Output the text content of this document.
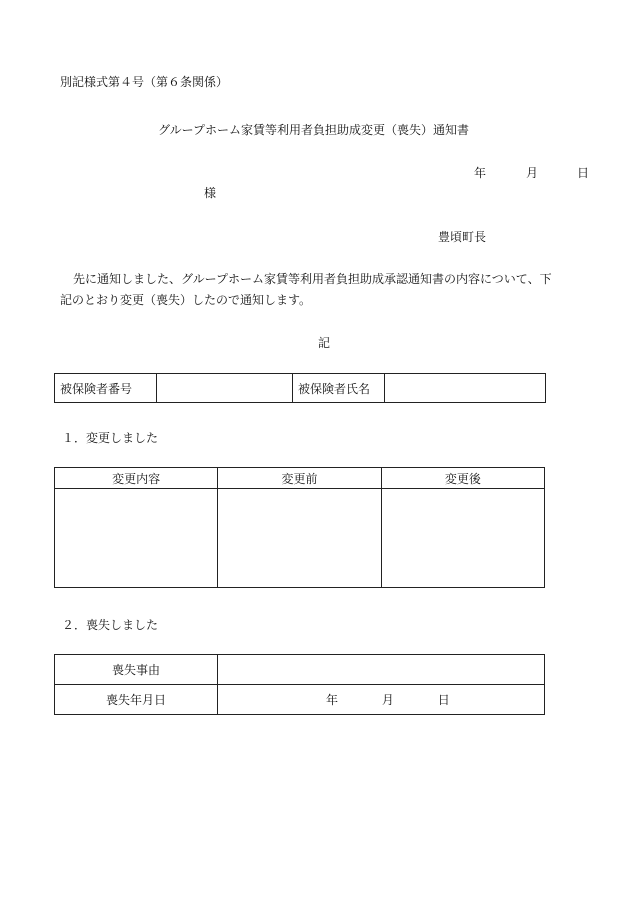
別記様式第４号（第６条関係）
グループホーム家賃等利用者負担助成変更（喪失）通知書
年	月	日
様
豊頃町長
先に通知しました、グループホーム家賃等利用者負担助成承認通知書の内容について、下
記のとおり変更（喪失）したので通知します。
記
被保険者番号		被保険者氏名	
１．変更しました
変更内容	変更前	変更後

２．喪失しました
喪失事由	
喪失年月日	年 月 日
